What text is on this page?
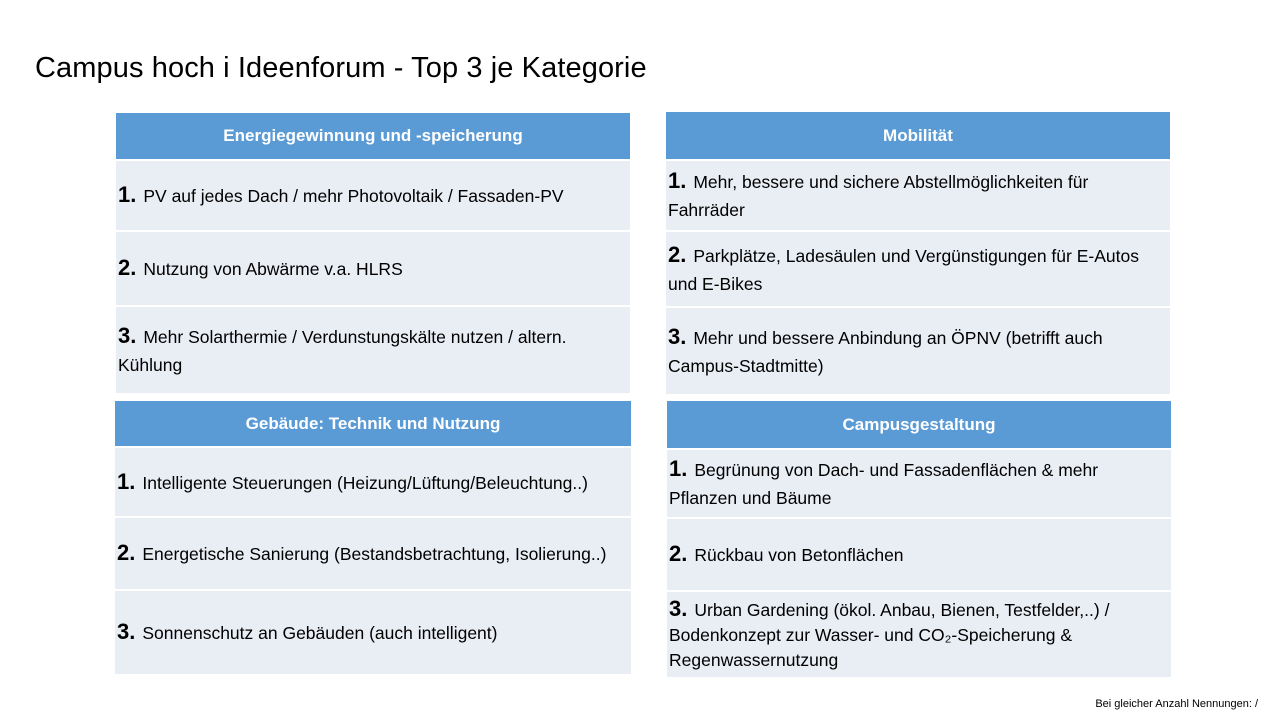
Campus hoch i Ideenforum - Top 3 je Kategorie
Energiegewinnung und -speicherung
1. PV auf jedes Dach / mehr Photovoltaik / Fassaden-PV
2. Nutzung von Abwärme v.a. HLRS
3. Mehr Solarthermie / Verdunstungskälte nutzen / altern. Kühlung
Mobilität
1. Mehr, bessere und sichere Abstellmöglichkeiten für Fahrräder
2. Parkplätze, Ladesäulen und Vergünstigungen für E-Autos und E-Bikes
3. Mehr und bessere Anbindung an ÖPNV (betrifft auch Campus-Stadtmitte)
Gebäude: Technik und Nutzung
1. Intelligente Steuerungen (Heizung/Lüftung/Beleuchtung..)
2. Energetische Sanierung (Bestandsbetrachtung, Isolierung..)
3. Sonnenschutz an Gebäuden (auch intelligent)
Campusgestaltung
1. Begrünung von Dach- und Fassadenflächen & mehr Pflanzen und Bäume
2. Rückbau von Betonflächen
3. Urban Gardening (ökol. Anbau, Bienen, Testfelder,..) / Bodenkonzept zur Wasser- und CO₂-Speicherung & Regenwassernutzung
Bei gleicher Anzahl Nennungen: /
